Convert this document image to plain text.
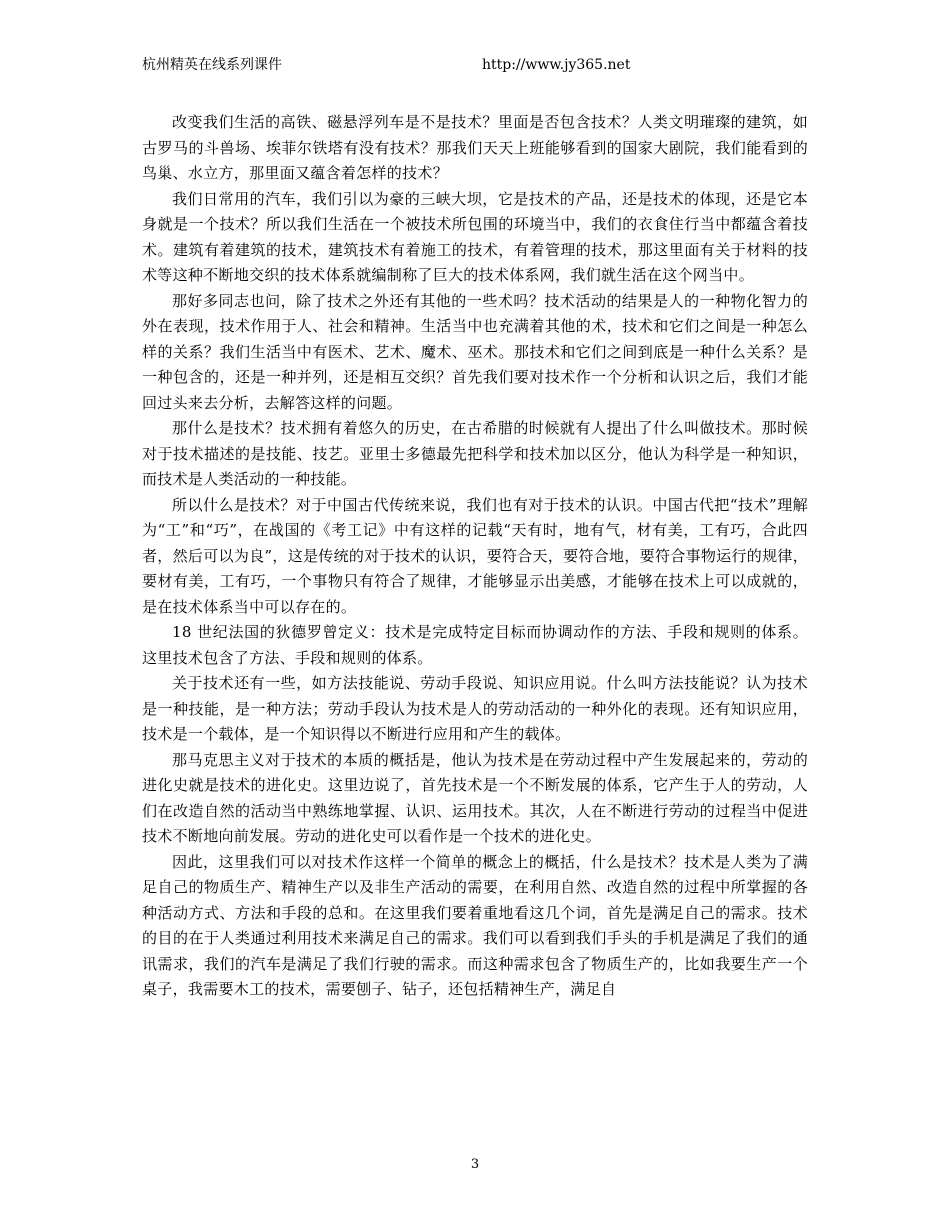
杭州精英在线系列课件	http://www.jy365.net

改变我们生活的高铁、磁悬浮列车是不是技术？里面是否包含技术？人类文明璀璨的建筑，如古罗马的斗兽场、埃菲尔铁塔有没有技术？那我们天天上班能够看到的国家大剧院，我们能看到的鸟巢、水立方，那里面又蕴含着怎样的技术？

我们日常用的汽车，我们引以为豪的三峡大坝，它是技术的产品，还是技术的体现，还是它本身就是一个技术？所以我们生活在一个被技术所包围的环境当中，我们的衣食住行当中都蕴含着技术。建筑有着建筑的技术，建筑技术有着施工的技术，有着管理的技术，那这里面有关于材料的技术等这种不断地交织的技术体系就编制称了巨大的技术体系网，我们就生活在这个网当中。

那好多同志也问，除了技术之外还有其他的一些术吗？技术活动的结果是人的一种物化智力的外在表现，技术作用于人、社会和精神。生活当中也充满着其他的术，技术和它们之间是一种怎么样的关系？我们生活当中有医术、艺术、魔术、巫术。那技术和它们之间到底是一种什么关系？是一种包含的，还是一种并列，还是相互交织？首先我们要对技术作一个分析和认识之后，我们才能回过头来去分析，去解答这样的问题。

那什么是技术？技术拥有着悠久的历史，在古希腊的时候就有人提出了什么叫做技术。那时候对于技术描述的是技能、技艺。亚里士多德最先把科学和技术加以区分，他认为科学是一种知识，而技术是人类活动的一种技能。

所以什么是技术？对于中国古代传统来说，我们也有对于技术的认识。中国古代把“技术”理解为“工”和“巧”，在战国的《考工记》中有这样的记载“天有时，地有气，材有美，工有巧，合此四者，然后可以为良”，这是传统的对于技术的认识，要符合天，要符合地，要符合事物运行的规律，要材有美，工有巧，一个事物只有符合了规律，才能够显示出美感，才能够在技术上可以成就的，是在技术体系当中可以存在的。

18 世纪法国的狄德罗曾定义：技术是完成特定目标而协调动作的方法、手段和规则的体系。这里技术包含了方法、手段和规则的体系。

关于技术还有一些，如方法技能说、劳动手段说、知识应用说。什么叫方法技能说？认为技术是一种技能，是一种方法；劳动手段认为技术是人的劳动活动的一种外化的表现。还有知识应用，技术是一个载体，是一个知识得以不断进行应用和产生的载体。

那马克思主义对于技术的本质的概括是，他认为技术是在劳动过程中产生发展起来的，劳动的进化史就是技术的进化史。这里边说了，首先技术是一个不断发展的体系，它产生于人的劳动，人们在改造自然的活动当中熟练地掌握、认识、运用技术。其次，人在不断进行劳动的过程当中促进技术不断地向前发展。劳动的进化史可以看作是一个技术的进化史。

因此，这里我们可以对技术作这样一个简单的概念上的概括，什么是技术？技术是人类为了满足自己的物质生产、精神生产以及非生产活动的需要，在利用自然、改造自然的过程中所掌握的各种活动方式、方法和手段的总和。在这里我们要着重地看这几个词，首先是满足自己的需求。技术的目的在于人类通过利用技术来满足自己的需求。我们可以看到我们手头的手机是满足了我们的通讯需求，我们的汽车是满足了我们行驶的需求。而这种需求包含了物质生产的，比如我要生产一个桌子，我需要木工的技术，需要刨子、钻子，还包括精神生产，满足自

3
